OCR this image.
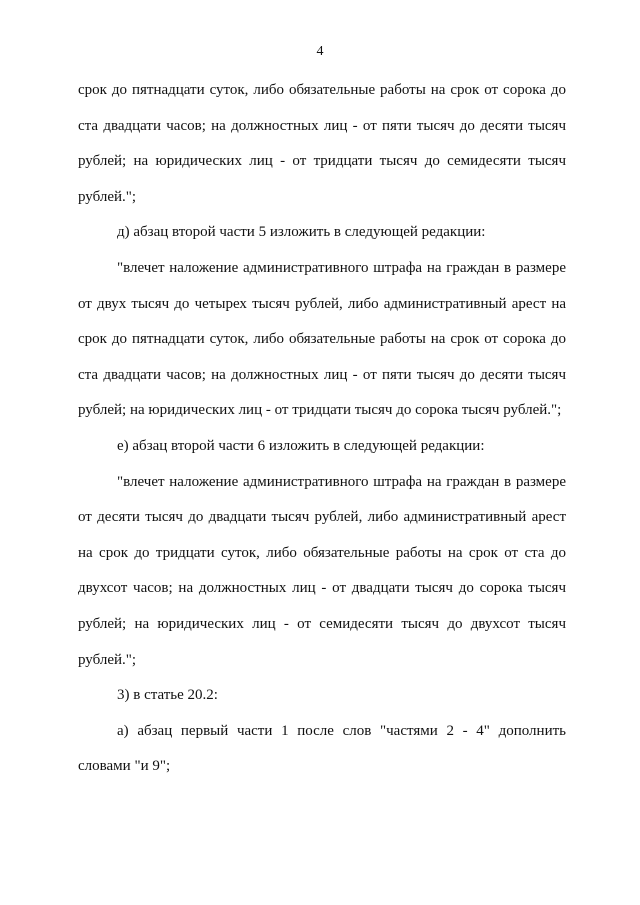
4
срок до пятнадцати суток, либо обязательные работы на срок от сорока до
ста двадцати часов; на должностных лиц - от пяти тысяч до десяти тысяч
рублей; на юридических лиц - от тридцати тысяч до семидесяти тысяч
рублей.";
д) абзац второй части 5 изложить в следующей редакции:
"влечет наложение административного штрафа на граждан в размере
от двух тысяч до четырех тысяч рублей, либо административный арест на
срок до пятнадцати суток, либо обязательные работы на срок от сорока до
ста двадцати часов; на должностных лиц - от пяти тысяч до десяти тысяч
рублей; на юридических лиц - от тридцати тысяч до сорока тысяч рублей.";
е) абзац второй части 6 изложить в следующей редакции:
"влечет наложение административного штрафа на граждан в размере
от десяти тысяч до двадцати тысяч рублей, либо административный арест
на срок до тридцати суток, либо обязательные работы на срок от ста до
двухсот часов; на должностных лиц - от двадцати тысяч до сорока тысяч
рублей; на юридических лиц - от семидесяти тысяч до двухсот тысяч
рублей.";
3) в статье 20.2:
а) абзац первый части 1 после слов "частями 2 - 4" дополнить
словами "и 9";
